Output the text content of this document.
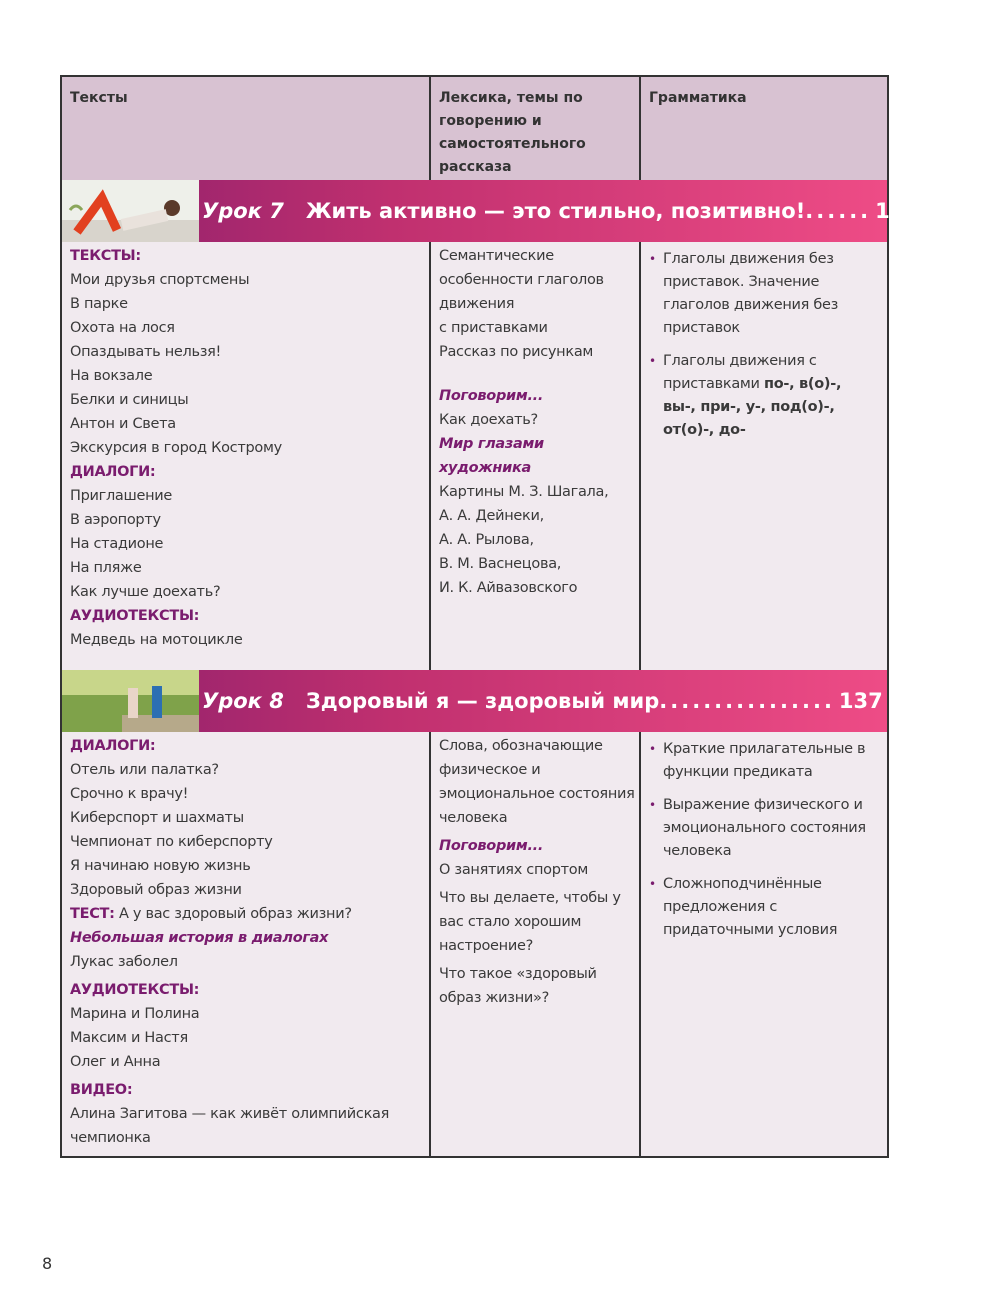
Тексты	Лексика, темы по говорению и самостоятельного рассказа
Грамматика
Урок 7 Жить активно — это стильно, позитивно! ...... 113
ТЕКСТЫ:
Мои друзья спортсмены
В парке
Охота на лося
Опаздывать нельзя!
На вокзале
Белки и синицы
Антон и Света
Экскурсия в город Кострому
ДИАЛОГИ:
Приглашение
В аэропорту
На стадионе
На пляже
Как лучше доехать?
АУДИОТЕКСТЫ:
Медведь на мотоцикле
Семантические
особенности глаголов
движения
с приставками
Рассказ по рисункам
Поговорим...
Как доехать?
Мир глазами
художника
Картины М. З. Шагала,
А. А. Дейнеки,
А. А. Рылова,
В. М. Васнецова,
И. К. Айвазовского
• Глаголы движения без приставок. Значение глаголов движения без приставок
• Глаголы движения с приставками по-, в(о)-, вы-, при-, у-, под(о)-, от(о)-, до-
Урок 8 Здоровый я — здоровый мир ................ 137
ДИАЛОГИ:
Отель или палатка?
Срочно к врачу!
Киберспорт и шахматы
Чемпионат по киберспорту
Я начинаю новую жизнь
Здоровый образ жизни
ТЕСТ: А у вас здоровый образ жизни?
Небольшая история в диалогах
Лукас заболел
АУДИОТЕКСТЫ:
Марина и Полина
Максим и Настя
Олег и Анна
ВИДЕО:
Алина Загитова — как живёт олимпийская чемпионка
Слова, обозначающие физическое и эмоциональное состояния человека
Поговорим...
О занятиях спортом
Что вы делаете, чтобы у вас стало хорошим настроение?
Что такое «здоровый образ жизни»?
• Краткие прилагательные в функции предиката
• Выражение физического и эмоционального состояния человека
• Сложноподчинённые предложения с придаточными условия
8
